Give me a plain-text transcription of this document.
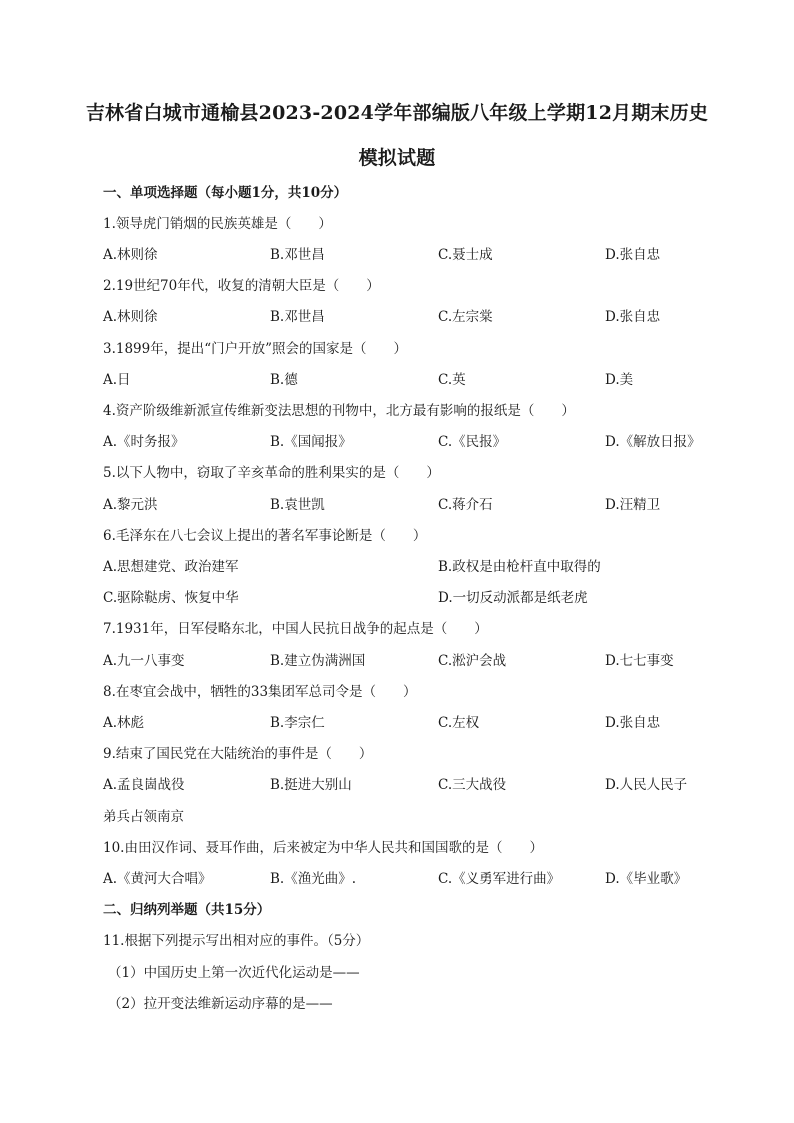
吉林省白城市通榆县2023-2024学年部编版八年级上学期12月期末历史
模拟试题
一、单项选择题（每小题1分，共10分）
1.领导虎门销烟的民族英雄是（　　）
A.林则徐	B.邓世昌	C.聂士成	D.张自忠
2.19世纪70年代，收复的清朝大臣是（　　）
A.林则徐	B.邓世昌	C.左宗棠	D.张自忠
3.1899年，提出“门户开放”照会的国家是（　　）
A.日	B.德	C.英	D.美
4.资产阶级维新派宣传维新变法思想的刊物中，北方最有影响的报纸是（　　）
A.《时务报》	B.《国闻报》	C.《民报》	D.《解放日报》
5.以下人物中，窃取了辛亥革命的胜利果实的是（　　）
A.黎元洪	B.袁世凯	C.蒋介石	D.汪精卫
6.毛泽东在八七会议上提出的著名军事论断是（　　）
A.思想建党、政治建军	B.政权是由枪杆直中取得的
C.驱除鞑虏、恢复中华	D.一切反动派都是纸老虎
7.1931年，日军侵略东北，中国人民抗日战争的起点是（　　）
A.九一八事变	B.建立伪满洲国	C.淞沪会战	D.七七事变
8.在枣宜会战中，牺牲的33集团军总司令是（　　）
A.林彪	B.李宗仁	C.左权	D.张自忠
9.结束了国民党在大陆统治的事件是（　　）
A.孟良崮战役	B.挺进大别山	C.三大战役	D.人民人民子
弟兵占领南京
10.由田汉作词、聂耳作曲，后来被定为中华人民共和国国歌的是（　　）
A.《黄河大合唱》	B.《渔光曲》.	C.《义勇军进行曲》	D.《毕业歌》
二、归纳列举题（共15分）
11.根据下列提示写出相对应的事件。（5分）
（1）中国历史上第一次近代化运动是——
（2）拉开变法维新运动序幕的是——
